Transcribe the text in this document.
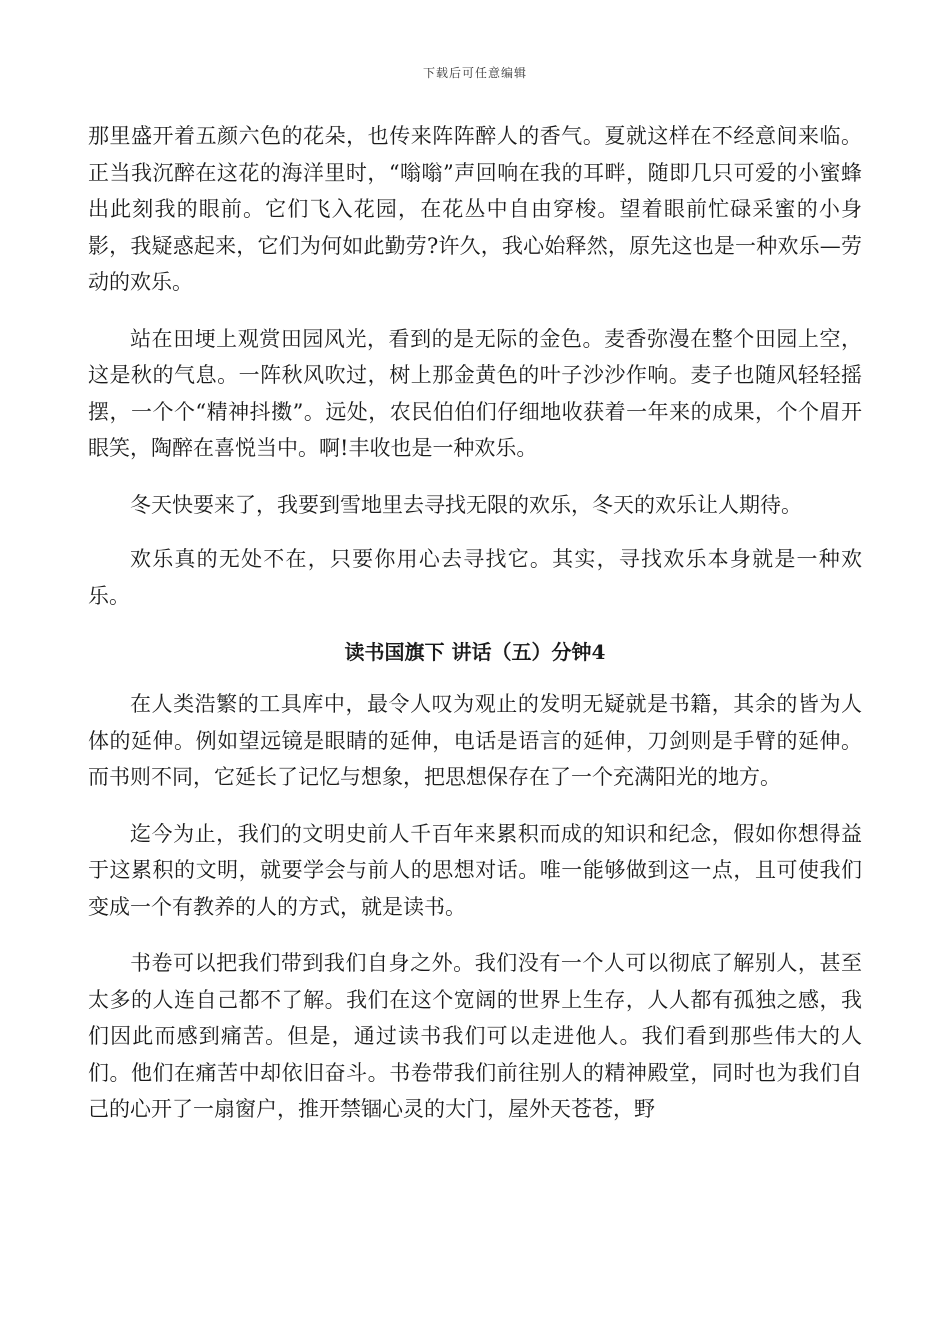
下载后可任意编辑

那里盛开着五颜六色的花朵，也传来阵阵醉人的香气。夏就这样在不经意间来临。正当我沉醉在这花的海洋里时，“嗡嗡”声回响在我的耳畔，随即几只可爱的小蜜蜂出此刻我的眼前。它们飞入花园，在花丛中自由穿梭。望着眼前忙碌采蜜的小身影，我疑惑起来，它们为何如此勤劳?许久，我心始释然，原先这也是一种欢乐—劳动的欢乐。

站在田埂上观赏田园风光，看到的是无际的金色。麦香弥漫在整个田园上空，这是秋的气息。一阵秋风吹过，树上那金黄色的叶子沙沙作响。麦子也随风轻轻摇摆，一个个“精神抖擞”。远处，农民伯伯们仔细地收获着一年来的成果，个个眉开眼笑，陶醉在喜悦当中。啊!丰收也是一种欢乐。

冬天快要来了，我要到雪地里去寻找无限的欢乐，冬天的欢乐让人期待。

欢乐真的无处不在，只要你用心去寻找它。其实，寻找欢乐本身就是一种欢乐。

读书国旗下 讲话（五）分钟4

在人类浩繁的工具库中，最令人叹为观止的发明无疑就是书籍，其余的皆为人体的延伸。例如望远镜是眼睛的延伸，电话是语言的延伸，刀剑则是手臂的延伸。而书则不同，它延长了记忆与想象，把思想保存在了一个充满阳光的地方。

迄今为止，我们的文明史前人千百年来累积而成的知识和纪念，假如你想得益于这累积的文明，就要学会与前人的思想对话。唯一能够做到这一点，且可使我们变成一个有教养的人的方式，就是读书。

书卷可以把我们带到我们自身之外。我们没有一个人可以彻底了解别人，甚至太多的人连自己都不了解。我们在这个宽阔的世界上生存，人人都有孤独之感，我们因此而感到痛苦。但是，通过读书我们可以走进他人。我们看到那些伟大的人们。他们在痛苦中却依旧奋斗。书卷带我们前往别人的精神殿堂，同时也为我们自己的心开了一扇窗户，推开禁锢心灵的大门，屋外天苍苍，野
